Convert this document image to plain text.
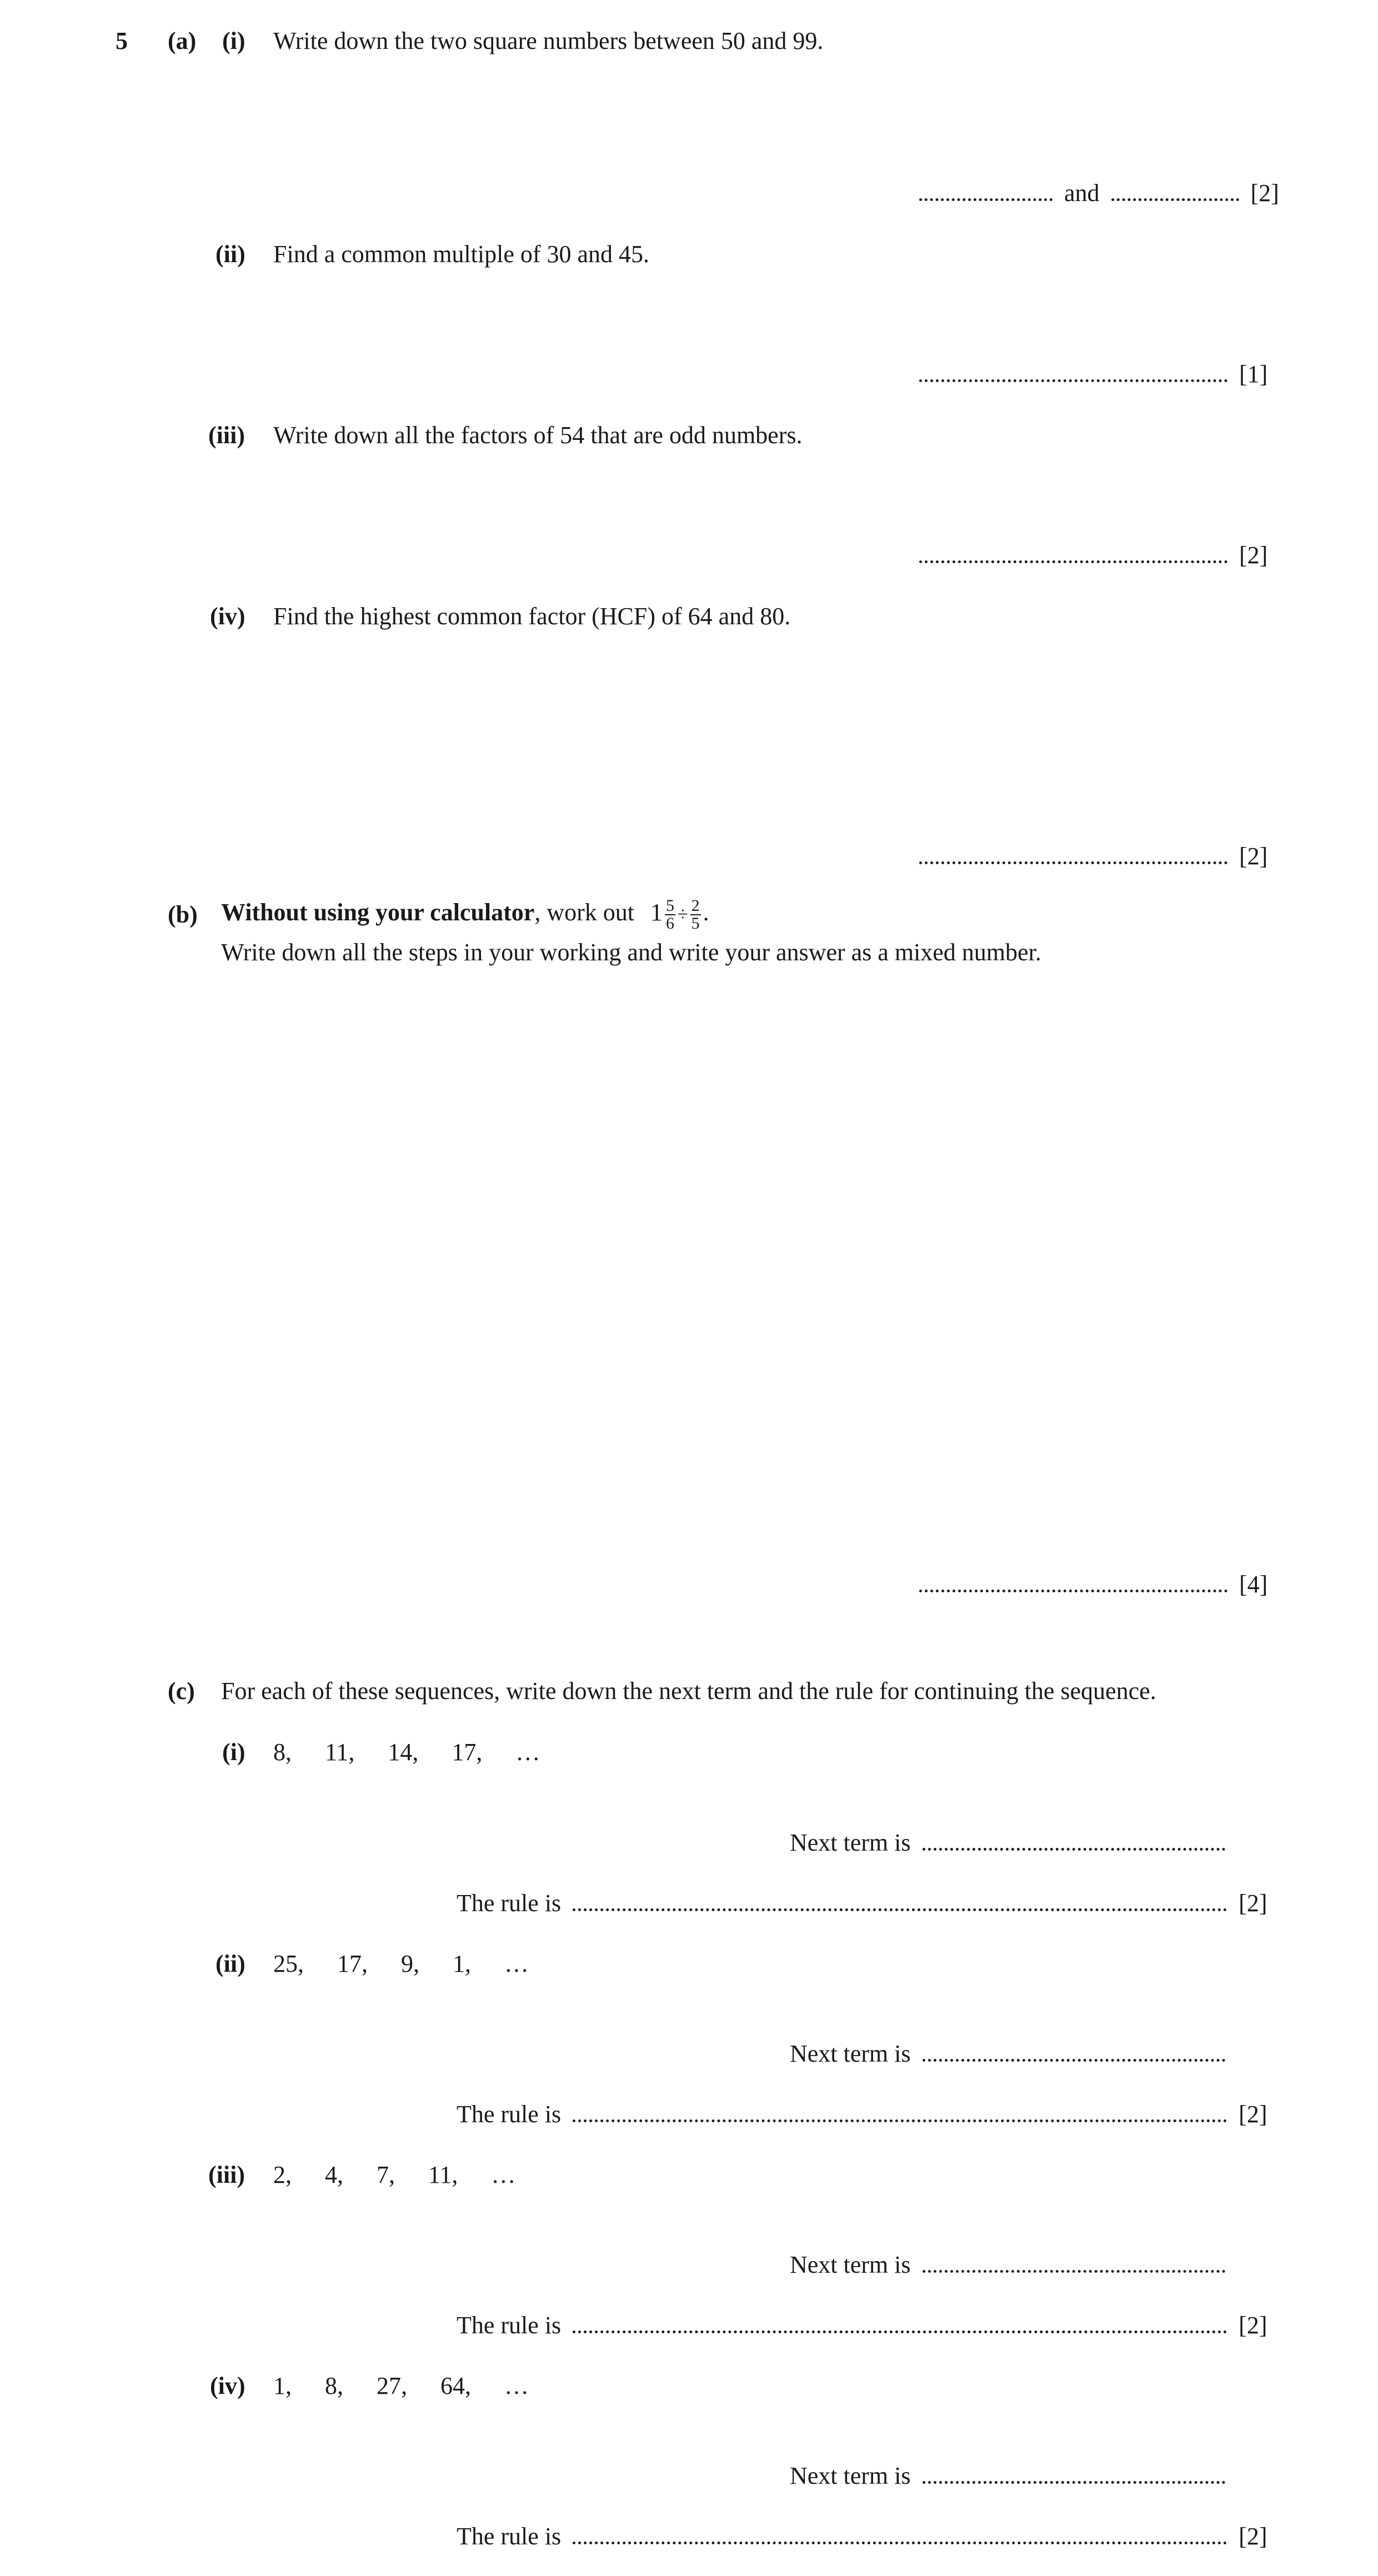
5 (a) (i) Write down the two square numbers between 50 and 99.
and	[2]
(ii) Find a common multiple of 30 and 45.
[1]
(iii) Write down all the factors of 54 that are odd numbers.
[2]
(iv) Find the highest common factor (HCF) of 64 and 80.
[2]
(b) Without using your calculator, work out $1 \frac{5}{6} \div \frac{2}{5}$ .
Write down all the steps in your working and write your answer as a mixed number.
[4]
(c) For each of these sequences, write down the next term and the rule for continuing the sequence.
(i) 8, 11, 14, 17, …
Next term is
The rule is	[2]
(ii) 25, 17, 9, 1, …
Next term is
The rule is	[2]
(iii) 2, 4, 7, 11, …
Next term is
The rule is	[2]
(iv) 1, 8, 27, 64, …
Next term is
The rule is	[2]
